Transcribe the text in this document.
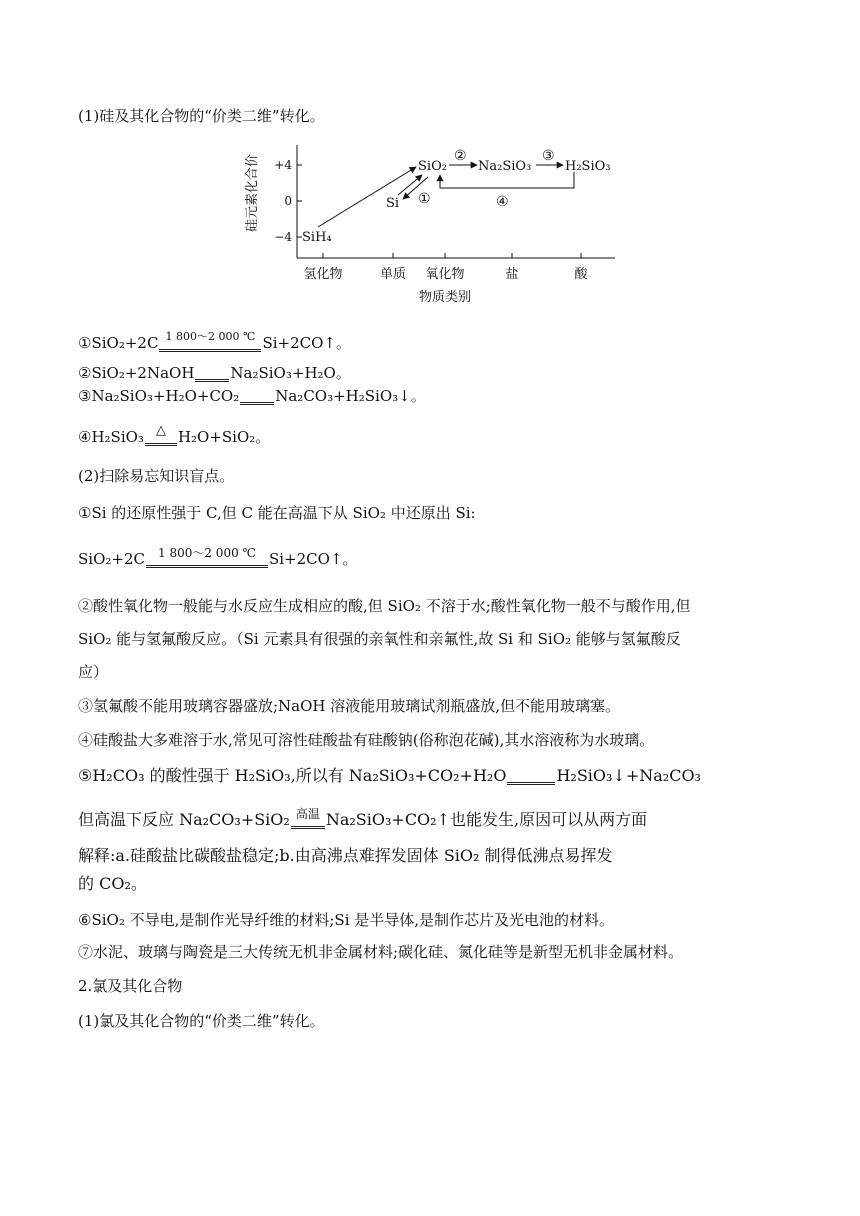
(1)硅及其化合物的“价类二维”转化。
硅元素化合价 +4
0
−4
氢化物	单质 氧化物	盐	酸
物质类别
SiH₄
Si
SiO₂ Na₂SiO₃	H₂SiO₃
①
②	③
④
①SiO₂+2C 1 800～2 000 ℃ Si+2CO↑。
②SiO₂+2NaOH Na₂SiO₃+H₂O。
③Na₂SiO₃+H₂O+CO₂ Na₂CO₃+H₂SiO₃↓。
④H₂SiO₃ △ H₂O+SiO₂。
(2)扫除易忘知识盲点。
①Si 的还原性强于 C,但 C 能在高温下从 SiO₂ 中还原出 Si:
SiO₂+2C	1 800～2 000 ℃ Si+2CO↑。
②酸性氧化物一般能与水反应生成相应的酸,但 SiO₂ 不溶于水;酸性氧化物一般不与酸作用,但
SiO₂ 能与氢氟酸反应。（Si 元素具有很强的亲氧性和亲氟性,故 Si 和 SiO₂ 能够与氢氟酸反
应）
③氢氟酸不能用玻璃容器盛放;NaOH 溶液能用玻璃试剂瓶盛放,但不能用玻璃塞。
④硅酸盐大多难溶于水,常见可溶性硅酸盐有硅酸钠(俗称泡花碱),其水溶液称为水玻璃。
⑤H₂CO₃ 的酸性强于 H₂SiO₃,所以有 Na₂SiO₃+CO₂+H₂O	H₂SiO₃↓+Na₂CO₃
但高温下反应 Na₂CO₃+SiO₂ 高温 Na₂SiO₃+CO₂↑也能发生,原因可以从两方面
解释:a.硅酸盐比碳酸盐稳定;b.由高沸点难挥发固体 SiO₂ 制得低沸点易挥发
的 CO₂。
⑥SiO₂ 不导电,是制作光导纤维的材料;Si 是半导体,是制作芯片及光电池的材料。
⑦水泥、玻璃与陶瓷是三大传统无机非金属材料;碳化硅、氮化硅等是新型无机非金属材料。
2.氯及其化合物
(1)氯及其化合物的“价类二维”转化。
